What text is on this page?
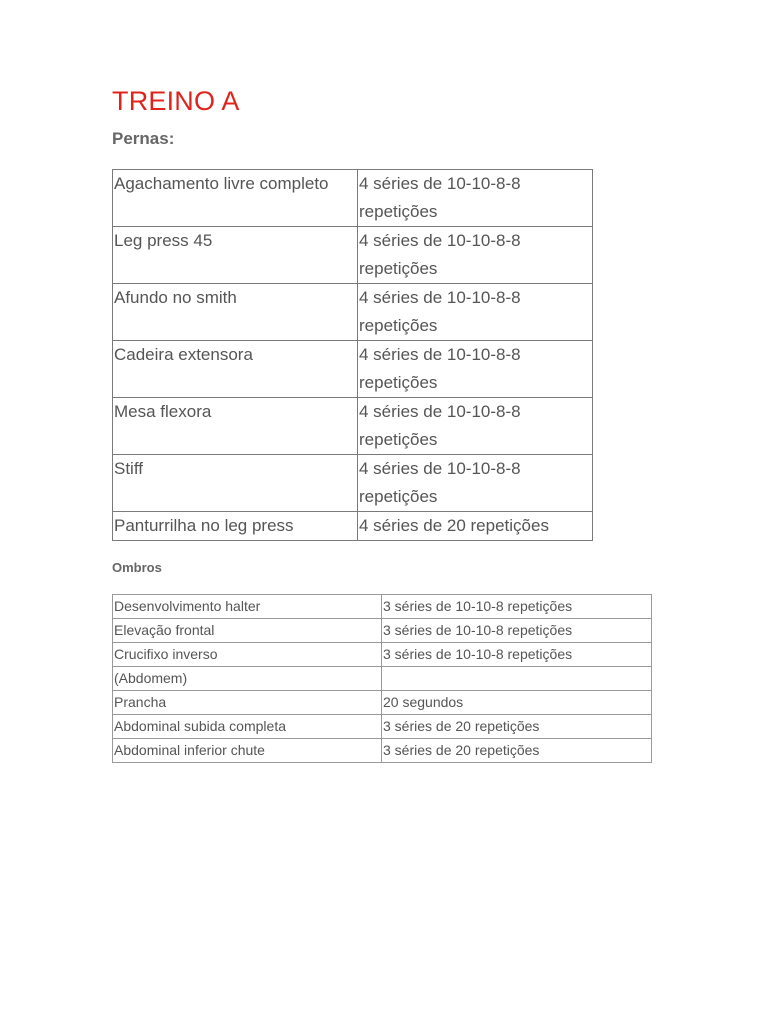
TREINO A
Pernas:
Agachamento livre completo	4 séries de 10-10-8-8 repetições
Leg press 45	4 séries de 10-10-8-8 repetições
Afundo no smith	4 séries de 10-10-8-8 repetições
Cadeira extensora	4 séries de 10-10-8-8 repetições
Mesa flexora	4 séries de 10-10-8-8 repetições
Stiff	4 séries de 10-10-8-8 repetições
Panturrilha no leg press	4 séries de 20 repetições
Ombros
Desenvolvimento halter	3 séries de 10-10-8 repetições
Elevação frontal	3 séries de 10-10-8 repetições
Crucifixo inverso	3 séries de 10-10-8 repetições
(Abdomem)	
Prancha	20 segundos
Abdominal subida completa	3 séries de 20 repetições
Abdominal inferior chute	3 séries de 20 repetições
